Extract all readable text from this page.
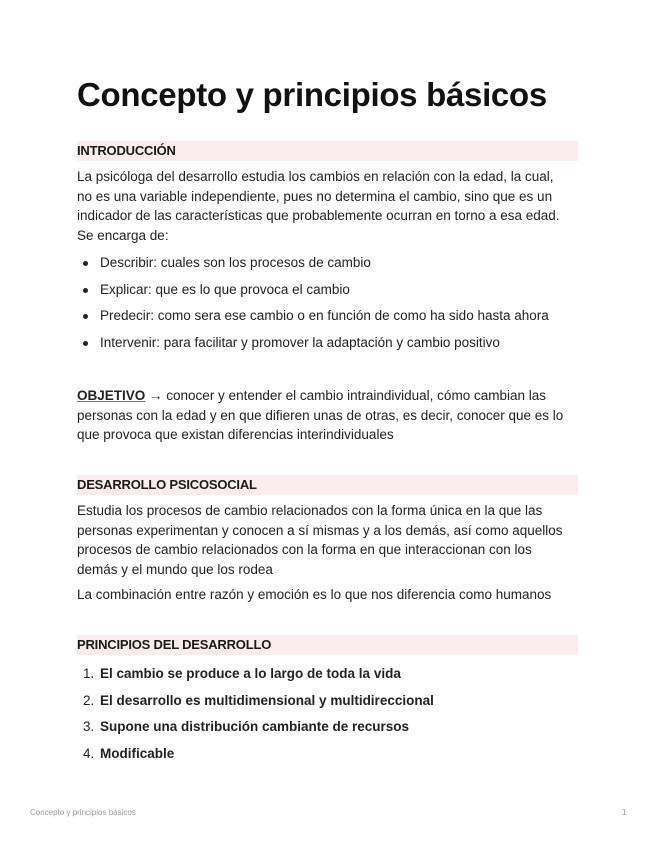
Concepto y principios básicos
INTRODUCCIÓN
La psicóloga del desarrollo estudia los cambios en relación con la edad, la cual,
no es una variable independiente, pues no determina el cambio, sino que es un
indicador de las características que probablemente ocurran en torno a esa edad.
Se encarga de:
Describir: cuales son los procesos de cambio
Explicar: que es lo que provoca el cambio
Predecir: como sera ese cambio o en función de como ha sido hasta ahora
Intervenir: para facilitar y promover la adaptación y cambio positivo
OBJETIVO → conocer y entender el cambio intraindividual, cómo cambian las
personas con la edad y en que difieren unas de otras, es decir, conocer que es lo
que provoca que existan diferencias interindividuales
DESARROLLO PSICOSOCIAL
Estudia los procesos de cambio relacionados con la forma única en la que las
personas experimentan y conocen a sí mismas y a los demás, así como aquellos
procesos de cambio relacionados con la forma en que interaccionan con los
demás y el mundo que los rodea
La combinación entre razón y emoción es lo que nos diferencia como humanos
PRINCIPIOS DEL DESARROLLO
1. El cambio se produce a lo largo de toda la vida
2. El desarrollo es multidimensional y multidireccional
3. Supone una distribución cambiante de recursos
4. Modificable
Concepto y principios básicos	1
